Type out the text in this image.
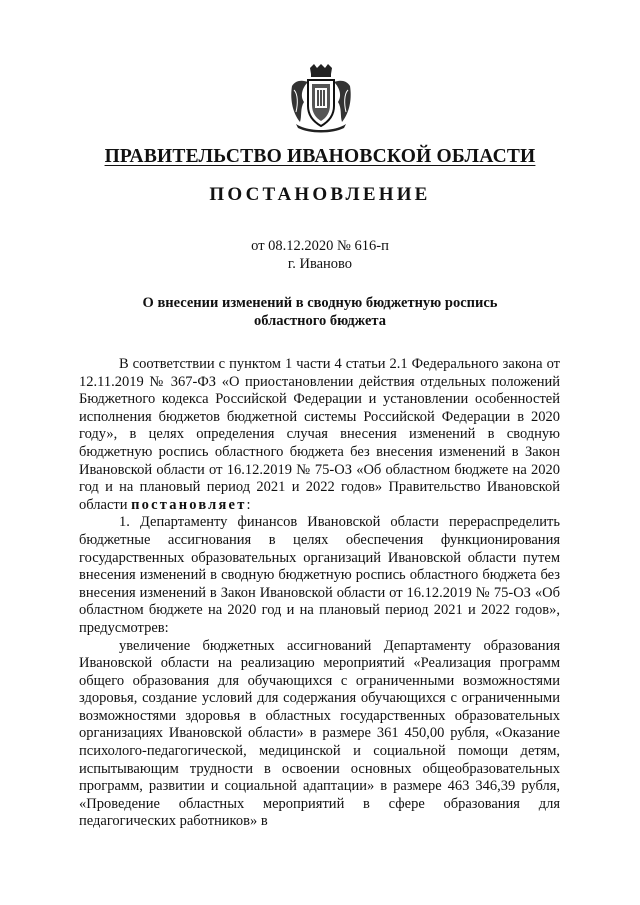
ПРАВИТЕЛЬСТВО ИВАНОВСКОЙ ОБЛАСТИ
ПОСТАНОВЛЕНИЕ
от 08.12.2020 № 616-п
г. Иваново
О внесении изменений в сводную бюджетную роспись
областного бюджета

В соответствии с пунктом 1 части 4 статьи 2.1 Федерального закона от 12.11.2019 № 367-ФЗ «О приостановлении действия отдельных положений Бюджетного кодекса Российской Федерации и установлении особенностей исполнения бюджетов бюджетной системы Российской Федерации в 2020 году», в целях определения случая внесения изменений в сводную бюджетную роспись областного бюджета без внесения изменений в Закон Ивановской области от 16.12.2019 № 75-ОЗ «Об областном бюджете на 2020 год и на плановый период 2021 и 2022 годов» Правительство Ивановской области постановляет:

1. Департаменту финансов Ивановской области перераспределить бюджетные ассигнования в целях обеспечения функционирования государственных образовательных организаций Ивановской области путем внесения изменений в сводную бюджетную роспись областного бюджета без внесения изменений в Закон Ивановской области от 16.12.2019 № 75-ОЗ «Об областном бюджете на 2020 год и на плановый период 2021 и 2022 годов», предусмотрев:

увеличение бюджетных ассигнований Департаменту образования Ивановской области на реализацию мероприятий «Реализация программ общего образования для обучающихся с ограниченными возможностями здоровья, создание условий для содержания обучающихся с ограниченными возможностями здоровья в областных государственных образовательных организациях Ивановской области» в размере 361 450,00 рубля, «Оказание психолого-педагогической, медицинской и социальной помощи детям, испытывающим трудности в освоении основных общеобразовательных программ, развитии и социальной адаптации» в размере 463 346,39 рубля, «Проведение областных мероприятий в сфере образования для педагогических работников» в
